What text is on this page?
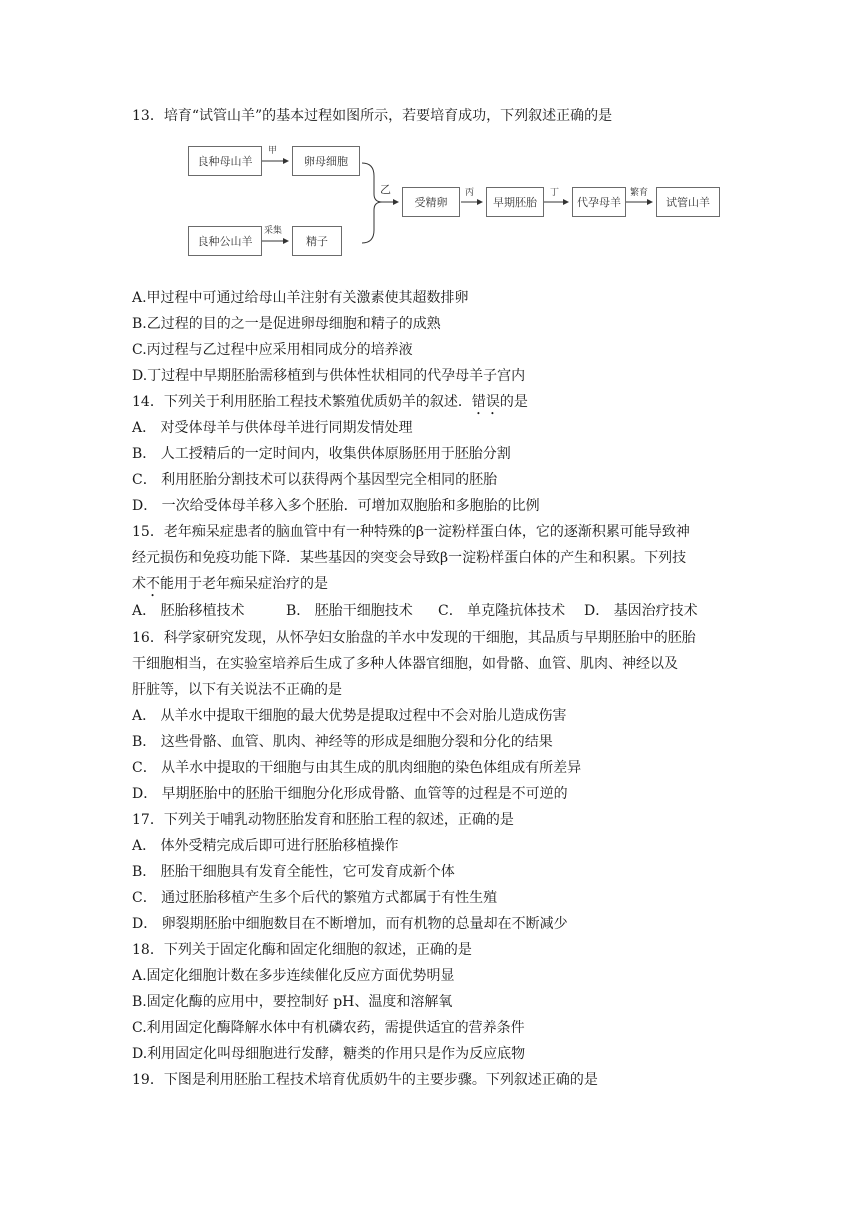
13．培育“试管山羊”的基本过程如图所示，若要培育成功，下列叙述正确的是
良种母山羊	卵母细胞
良种公山羊	精子
受精卵	早期胚胎	代孕母羊	试管山羊
甲
采集
乙	丙	丁	繁育
A.甲过程中可通过给母山羊注射有关激素使其超数排卵
B.乙过程的目的之一是促进卵母细胞和精子的成熟
C.丙过程与乙过程中应采用相同成分的培养液
D.丁过程中早期胚胎需移植到与供体性状相同的代孕母羊子宫内
14．下列关于利用胚胎工程技术繁殖优质奶羊的叙述．错误的是
A． 对受体母羊与供体母羊进行同期发情处理
B． 人工授精后的一定时间内，收集供体原肠胚用于胚胎分割
C． 利用胚胎分割技术可以获得两个基因型完全相同的胚胎
D． 一次给受体母羊移入多个胚胎．可增加双胞胎和多胞胎的比例
15．老年痴呆症患者的脑血管中有一种特殊的β一淀粉样蛋白体，它的逐渐积累可能导致神
经元损伤和免疫功能下降．某些基因的突变会导致β一淀粉样蛋白体的产生和积累。下列技
术不能用于老年痴呆症治疗的是
A． 胚胎移植技术	B． 胚胎干细胞技术 C． 单克隆抗体技术 D． 基因治疗技术
16．科学家研究发现，从怀孕妇女胎盘的羊水中发现的干细胞，其品质与早期胚胎中的胚胎
干细胞相当，在实验室培养后生成了多种人体器官细胞，如骨骼、血管、肌肉、神经以及
肝脏等，以下有关说法不正确的是
A． 从羊水中提取干细胞的最大优势是提取过程中不会对胎儿造成伤害
B． 这些骨骼、血管、肌肉、神经等的形成是细胞分裂和分化的结果
C． 从羊水中提取的干细胞与由其生成的肌肉细胞的染色体组成有所差异
D． 早期胚胎中的胚胎干细胞分化形成骨骼、血管等的过程是不可逆的
17．下列关于哺乳动物胚胎发育和胚胎工程的叙述，正确的是
A． 体外受精完成后即可进行胚胎移植操作
B． 胚胎干细胞具有发育全能性，它可发育成新个体
C． 通过胚胎移植产生多个后代的繁殖方式都属于有性生殖
D． 卵裂期胚胎中细胞数目在不断增加，而有机物的总量却在不断减少
18．下列关于固定化酶和固定化细胞的叙述，正确的是
A.固定化细胞计数在多步连续催化反应方面优势明显
B.固定化酶的应用中，要控制好 pH、温度和溶解氧
C.利用固定化酶降解水体中有机磷农药，需提供适宜的营养条件
D.利用固定化叫母细胞进行发酵，糖类的作用只是作为反应底物
19．下图是利用胚胎工程技术培育优质奶牛的主要步骤。下列叙述正确的是
